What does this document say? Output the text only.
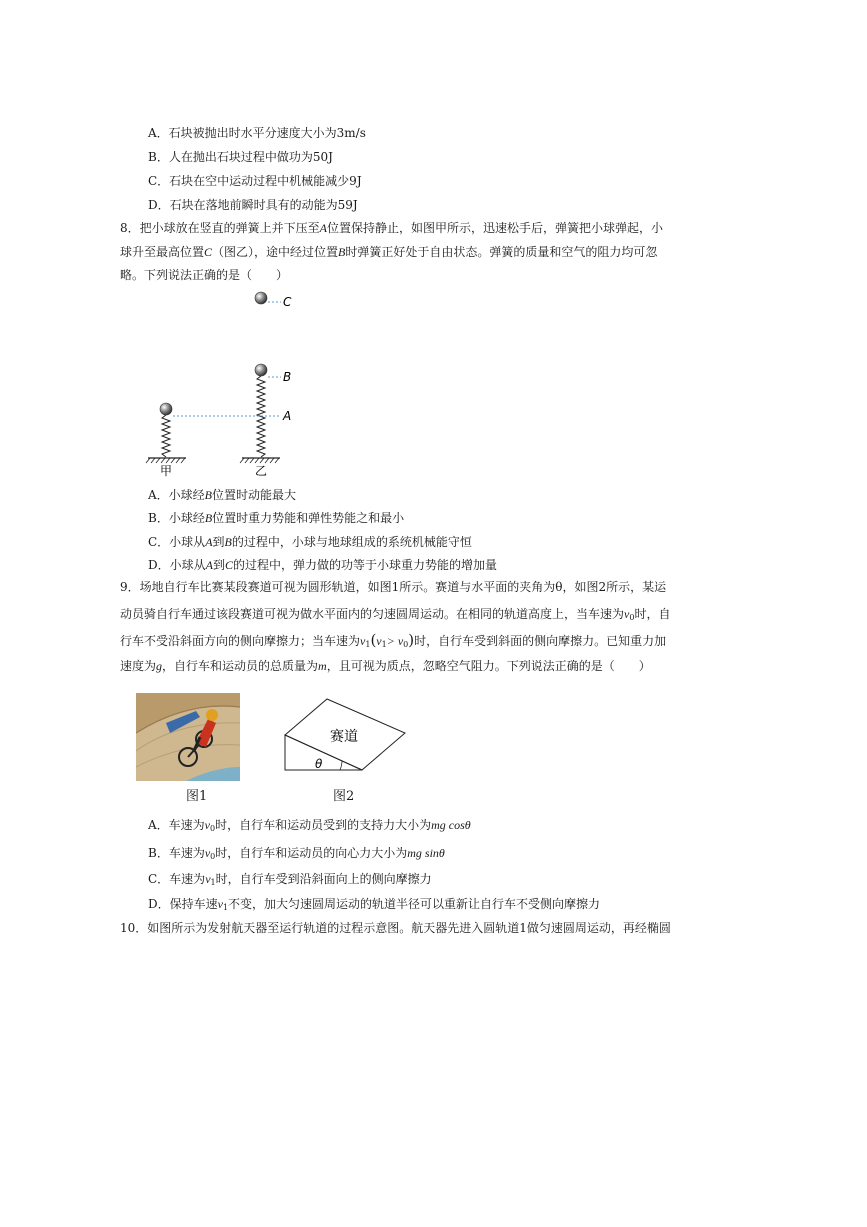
A．石块被抛出时水平分速度大小为3m/s
B．人在抛出石块过程中做功为50J
C．石块在空中运动过程中机械能减少9J
D．石块在落地前瞬时具有的动能为59J
8．把小球放在竖直的弹簧上并下压至A位置保持静止，如图甲所示，迅速松手后，弹簧把小球弹起，小
球升至最高位置C（图乙），途中经过位置B时弹簧正好处于自由状态。弹簧的质量和空气的阻力均可忽
略。下列说法正确的是（　　）
C
B
A
甲	乙
A．小球经B位置时动能最大
B．小球经B位置时重力势能和弹性势能之和最小
C．小球从A到B的过程中，小球与地球组成的系统机械能守恒
D．小球从A到C的过程中，弹力做的功等于小球重力势能的增加量
9．场地自行车比赛某段赛道可视为圆形轨道，如图1所示。赛道与水平面的夹角为θ，如图2所示，某运
动员骑自行车通过该段赛道可视为做水平面内的匀速圆周运动。在相同的轨道高度上，当车速为$v_0$时，自
行车不受沿斜面方向的侧向摩擦力；当车速为$v_1(v_1> v_0)$时，自行车受到斜面的侧向摩擦力。已知重力加
速度为g，自行车和运动员的总质量为m，且可视为质点，忽略空气阻力。下列说法正确的是（　　）
图1
赛道
θ
图2
A．车速为$v_0$时，自行车和运动员受到的支持力大小为mg cosθ
B．车速为$v_0$时，自行车和运动员的向心力大小为mg sinθ
C．车速为$v_1$时，自行车受到沿斜面向上的侧向摩擦力
D．保持车速$v_1$不变，加大匀速圆周运动的轨道半径可以重新让自行车不受侧向摩擦力
10．如图所示为发射航天器至运行轨道的过程示意图。航天器先进入圆轨道1做匀速圆周运动，再经椭圆
